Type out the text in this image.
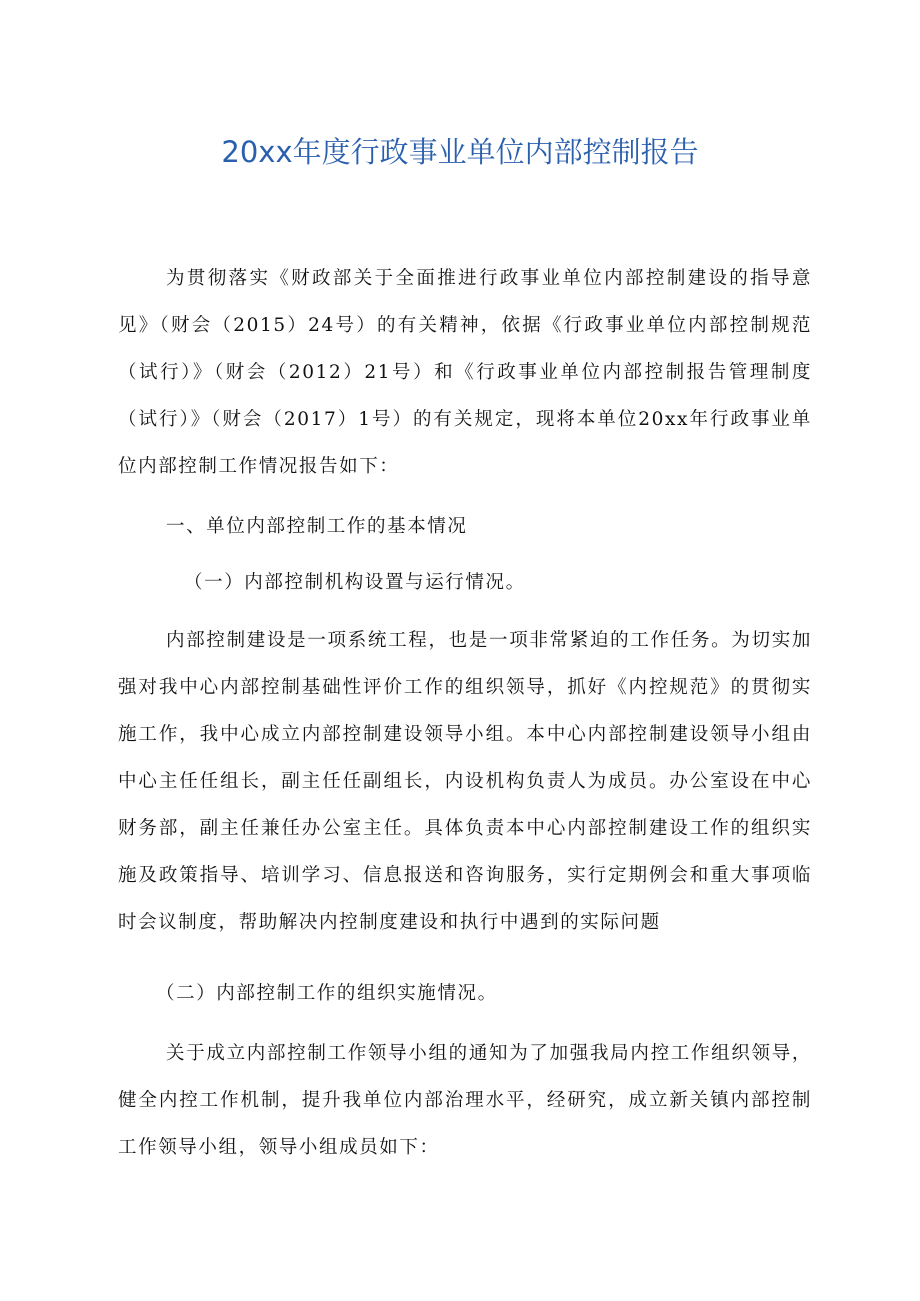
20xx年度行政事业单位内部控制报告

为贯彻落实《财政部关于全面推进行政事业单位内部控制建设的指导意见》（财会（2015）24号）的有关精神，依据《行政事业单位内部控制规范（试行）》（财会（2012）21号）和《行政事业单位内部控制报告管理制度（试行）》（财会（2017）1号）的有关规定，现将本单位20xx年行政事业单位内部控制工作情况报告如下：

一、单位内部控制工作的基本情况

（一）内部控制机构设置与运行情况。

内部控制建设是一项系统工程，也是一项非常紧迫的工作任务。为切实加强对我中心内部控制基础性评价工作的组织领导，抓好《内控规范》的贯彻实施工作，我中心成立内部控制建设领导小组。本中心内部控制建设领导小组由中心主任任组长，副主任任副组长，内设机构负责人为成员。办公室设在中心财务部，副主任兼任办公室主任。具体负责本中心内部控制建设工作的组织实施及政策指导、培训学习、信息报送和咨询服务，实行定期例会和重大事项临时会议制度，帮助解决内控制度建设和执行中遇到的实际问题

（二）内部控制工作的组织实施情况。

关于成立内部控制工作领导小组的通知为了加强我局内控工作组织领导，健全内控工作机制，提升我单位内部治理水平，经研究，成立新关镇内部控制工作领导小组，领导小组成员如下：
